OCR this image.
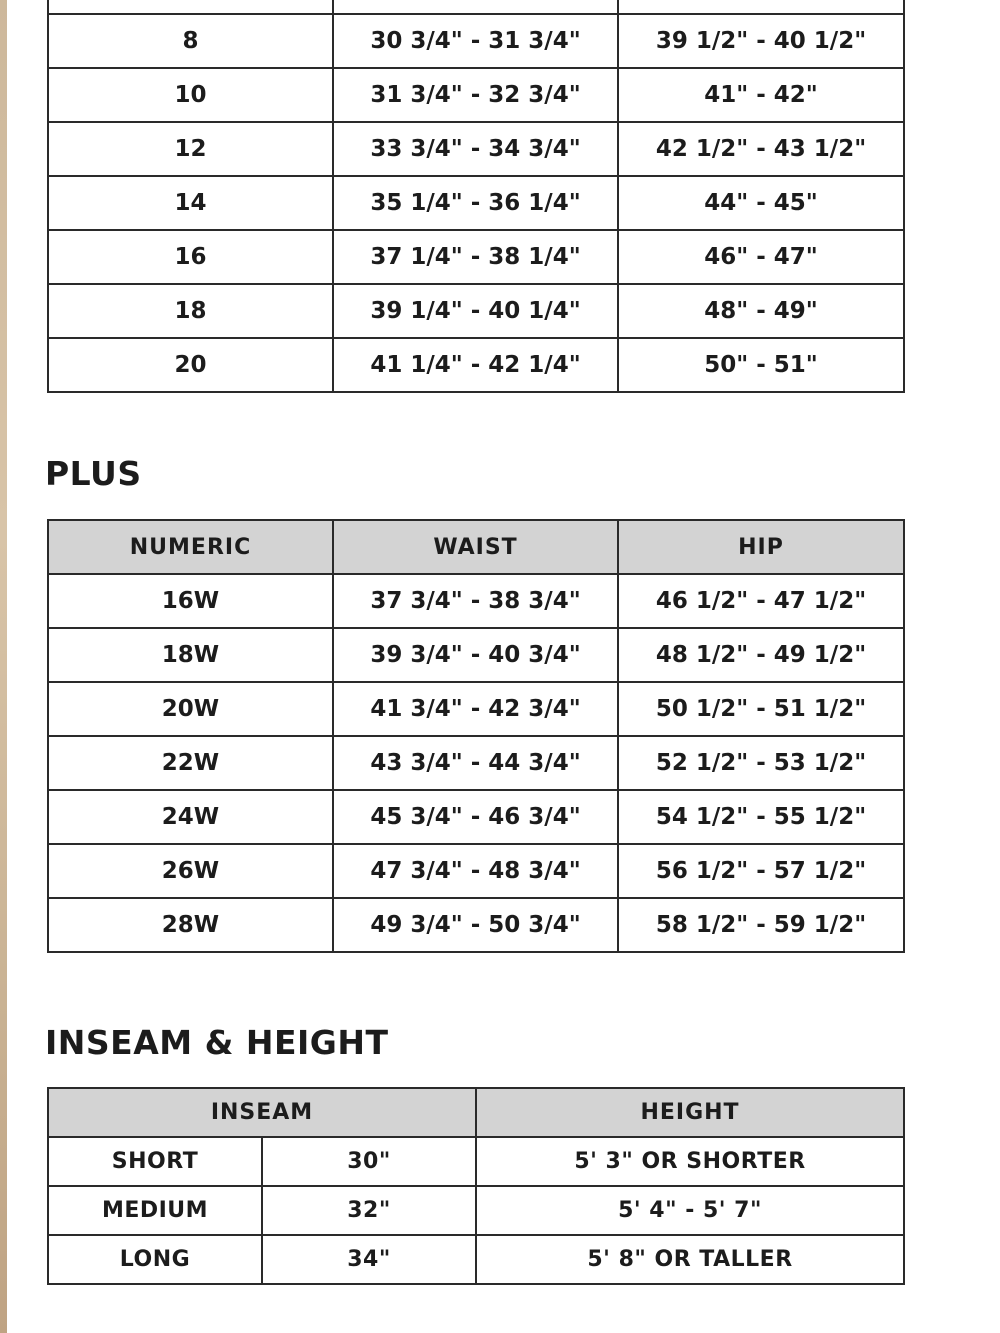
8	30 3/4" - 31 3/4"	39 1/2" - 40 1/2"
10	31 3/4" - 32 3/4"	41" - 42"
12	33 3/4" - 34 3/4"	42 1/2" - 43 1/2"
14	35 1/4" - 36 1/4"	44" - 45"
16	37 1/4" - 38 1/4"	46" - 47"
18	39 1/4" - 40 1/4"	48" - 49"
20	41 1/4" - 42 1/4"	50" - 51"
PLUS
NUMERIC	WAIST	HIP
16W	37 3/4" - 38 3/4"	46 1/2" - 47 1/2"
18W	39 3/4" - 40 3/4"	48 1/2" - 49 1/2"
20W	41 3/4" - 42 3/4"	50 1/2" - 51 1/2"
22W	43 3/4" - 44 3/4"	52 1/2" - 53 1/2"
24W	45 3/4" - 46 3/4"	54 1/2" - 55 1/2"
26W	47 3/4" - 48 3/4"	56 1/2" - 57 1/2"
28W	49 3/4" - 50 3/4"	58 1/2" - 59 1/2"
INSEAM & HEIGHT
INSEAM		HEIGHT
SHORT	30"	5' 3" OR SHORTER
MEDIUM	32"	5' 4" - 5' 7"
LONG	34"	5' 8" OR TALLER
